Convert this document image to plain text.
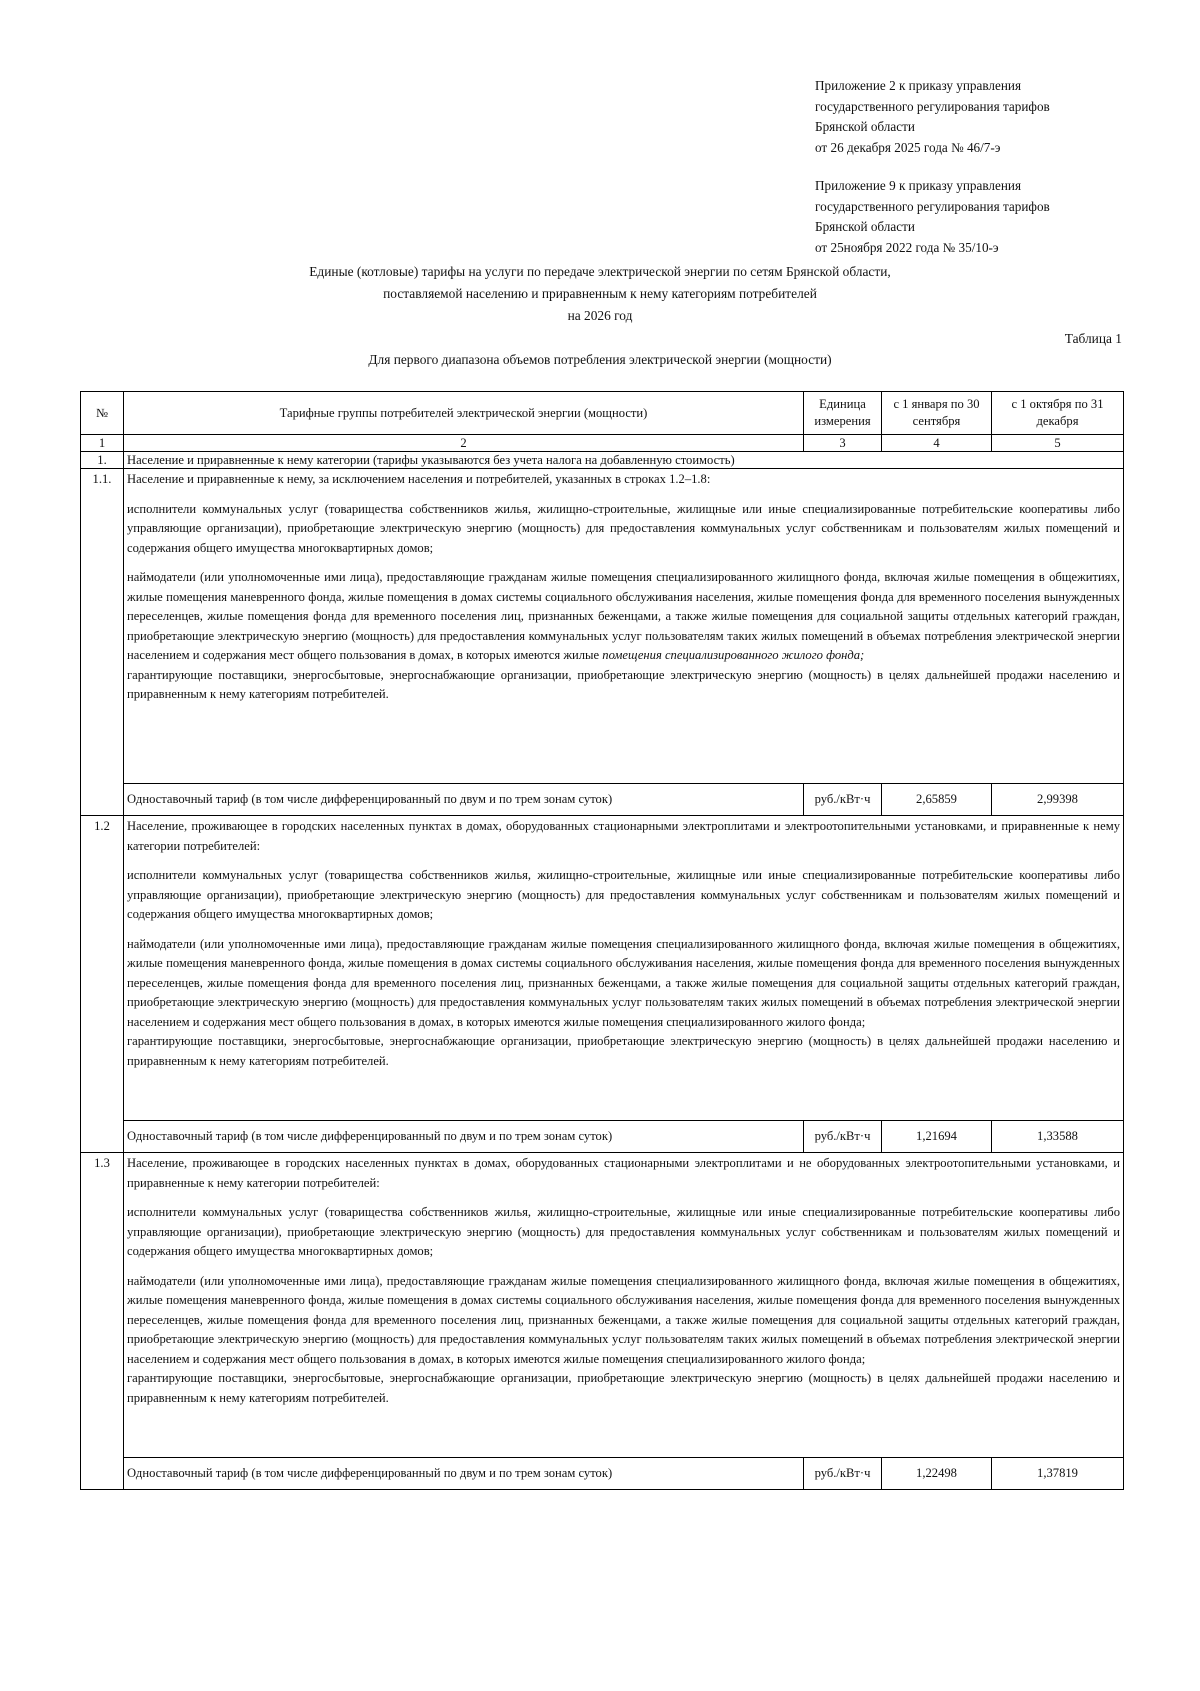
Приложение 2 к приказу управления
государственного регулирования тарифов
Брянской области
от 26 декабря 2025 года № 46/7-э
Приложение 9 к приказу управления
государственного регулирования тарифов
Брянской области
от 25ноября 2022 года № 35/10-э
Единые (котловые) тарифы на услуги по передаче электрической энергии по сетям Брянской области,
поставляемой населению и приравненным к нему категориям потребителей
на 2026 год
Таблица 1
Для первого диапазона объемов потребления электрической энергии (мощности)
№	Тарифные группы потребителей электрической энергии (мощности)	Единица измерения	с 1 января по 30 сентября	с 1 октября по 31 декабря
1	2	3	4	5
1.	Население и приравненные к нему категории (тарифы указываются без учета налога на добавленную стоимость)			
1.1.	Население и приравненные к нему, за исключением населения и потребителей, указанных в строках 1.2–1.8:

исполнители коммунальных услуг (товарищества собственников жилья, жилищно-строительные, жилищные или иные специализированные потребительские кооперативы либо управляющие организации), приобретающие электрическую энергию (мощность) для предоставления коммунальных услуг собственникам и пользователям жилых помещений и содержания общего имущества многоквартирных домов;

наймодатели (или уполномоченные ими лица), предоставляющие гражданам жилые помещения специализированного жилищного фонда, включая жилые помещения в общежитиях, жилые помещения маневренного фонда, жилые помещения в домах системы социального обслуживания населения, жилые помещения фонда для временного поселения вынужденных переселенцев, жилые помещения фонда для временного поселения лиц, признанных беженцами, а также жилые помещения для социальной защиты отдельных категорий граждан, приобретающие электрическую энергию (мощность) для предоставления коммунальных услуг пользователям таких жилых помещений в объемах потребления электрической энергии населением и содержания мест общего пользования в домах, в которых имеются жилые помещения специализированного жилого фонда;

гарантирующие поставщики, энергосбытовые, энергоснабжающие организации, приобретающие электрическую энергию (мощность) в целях дальнейшей продажи населению и приравненным к нему категориям потребителей.			

	Одноставочный тариф (в том числе дифференцированный по двум и по трем зонам суток)	руб./кВт·ч	2,65859	2,99398
1.2	Население, проживающее в городских населенных пунктах в домах, оборудованных стационарными электроплитами и электроотопительными установками, и приравненные к нему категории потребителей:

исполнители коммунальных услуг (товарищества собственников жилья, жилищно-строительные, жилищные или иные специализированные потребительские кооперативы либо управляющие организации), приобретающие электрическую энергию (мощность) для предоставления коммунальных услуг собственникам и пользователям жилых помещений и содержания общего имущества многоквартирных домов;

наймодатели (или уполномоченные ими лица), предоставляющие гражданам жилые помещения специализированного жилищного фонда, включая жилые помещения в общежитиях, жилые помещения маневренного фонда, жилые помещения в домах системы социального обслуживания населения, жилые помещения фонда для временного поселения вынужденных переселенцев, жилые помещения фонда для временного поселения лиц, признанных беженцами, а также жилые помещения для социальной защиты отдельных категорий граждан, приобретающие электрическую энергию (мощность) для предоставления коммунальных услуг пользователям таких жилых помещений в объемах потребления электрической энергии населением и содержания мест общего пользования в домах, в которых имеются жилые помещения специализированного жилого фонда;

гарантирующие поставщики, энергосбытовые, энергоснабжающие организации, приобретающие электрическую энергию (мощность) в целях дальнейшей продажи населению и приравненным к нему категориям потребителей.			

	Одноставочный тариф (в том числе дифференцированный по двум и по трем зонам суток)	руб./кВт·ч	1,21694	1,33588
1.3	Население, проживающее в городских населенных пунктах в домах, оборудованных стационарными электроплитами и не оборудованных электроотопительными установками, и приравненные к нему категории потребителей:

исполнители коммунальных услуг (товарищества собственников жилья, жилищно-строительные, жилищные или иные специализированные потребительские кооперативы либо управляющие организации), приобретающие электрическую энергию (мощность) для предоставления коммунальных услуг собственникам и пользователям жилых помещений и содержания общего имущества многоквартирных домов;

наймодатели (или уполномоченные ими лица), предоставляющие гражданам жилые помещения специализированного жилищного фонда, включая жилые помещения в общежитиях, жилые помещения маневренного фонда, жилые помещения в домах системы социального обслуживания населения, жилые помещения фонда для временного поселения вынужденных переселенцев, жилые помещения фонда для временного поселения лиц, признанных беженцами, а также жилые помещения для социальной защиты отдельных категорий граждан, приобретающие электрическую энергию (мощность) для предоставления коммунальных услуг пользователям таких жилых помещений в объемах потребления электрической энергии населением и содержания мест общего пользования в домах, в которых имеются жилые помещения специализированного жилого фонда;

гарантирующие поставщики, энергосбытовые, энергоснабжающие организации, приобретающие электрическую энергию (мощность) в целях дальнейшей продажи населению и приравненным к нему категориям потребителей.			

	Одноставочный тариф (в том числе дифференцированный по двум и по трем зонам суток)	руб./кВт·ч	1,22498	1,37819
